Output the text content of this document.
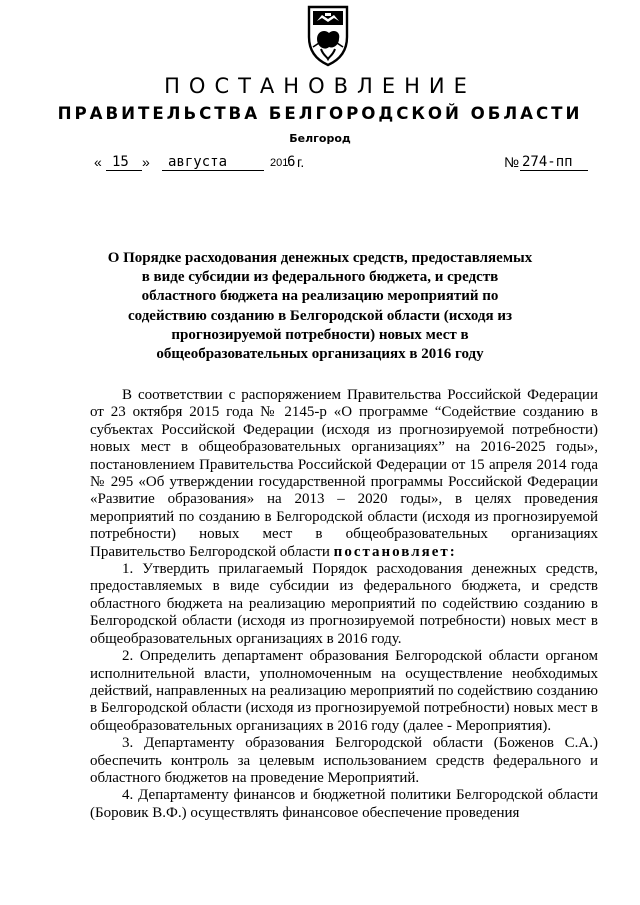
ПОСТАНОВЛЕНИЕ
ПРАВИТЕЛЬСТВА БЕЛГОРОДСКОЙ ОБЛАСТИ
Белгород
« 15 » августа	201
6 г.	№ 274-пп
О Порядке расходования денежных средств, предоставляемых в виде субсидии из федерального бюджета, и средств областного бюджета на реализацию мероприятий по содействию созданию в Белгородской области (исходя из прогнозируемой потребности) новых мест в общеобразовательных организациях в 2016 году

В соответствии с распоряжением Правительства Российской Федерации от 23 октября 2015 года № 2145-р «О программе “Содействие созданию в субъектах Российской Федерации (исходя из прогнозируемой потребности) новых мест в общеобразовательных организациях” на 2016-2025 годы», постановлением Правительства Российской Федерации от 15 апреля 2014 года № 295 «Об утверждении государственной программы Российской Федерации «Развитие образования» на 2013 – 2020 годы», в целях проведения мероприятий по созданию в Белгородской области (исходя из прогнозируемой потребности) новых мест в общеобразовательных организациях Правительство Белгородской области постановляет:

1. Утвердить прилагаемый Порядок расходования денежных средств, предоставляемых в виде субсидии из федерального бюджета, и средств областного бюджета на реализацию мероприятий по содействию созданию в Белгородской области (исходя из прогнозируемой потребности) новых мест в общеобразовательных организациях в 2016 году.

2. Определить департамент образования Белгородской области органом исполнительной власти, уполномоченным на осуществление необходимых действий, направленных на реализацию мероприятий по содействию созданию в Белгородской области (исходя из прогнозируемой потребности) новых мест в общеобразовательных организациях в 2016 году (далее - Мероприятия).

3. Департаменту образования Белгородской области (Боженов С.А.) обеспечить контроль за целевым использованием средств федерального и областного бюджетов на проведение Мероприятий.

4. Департаменту финансов и бюджетной политики Белгородской области (Боровик В.Ф.) осуществлять финансовое обеспечение проведения
